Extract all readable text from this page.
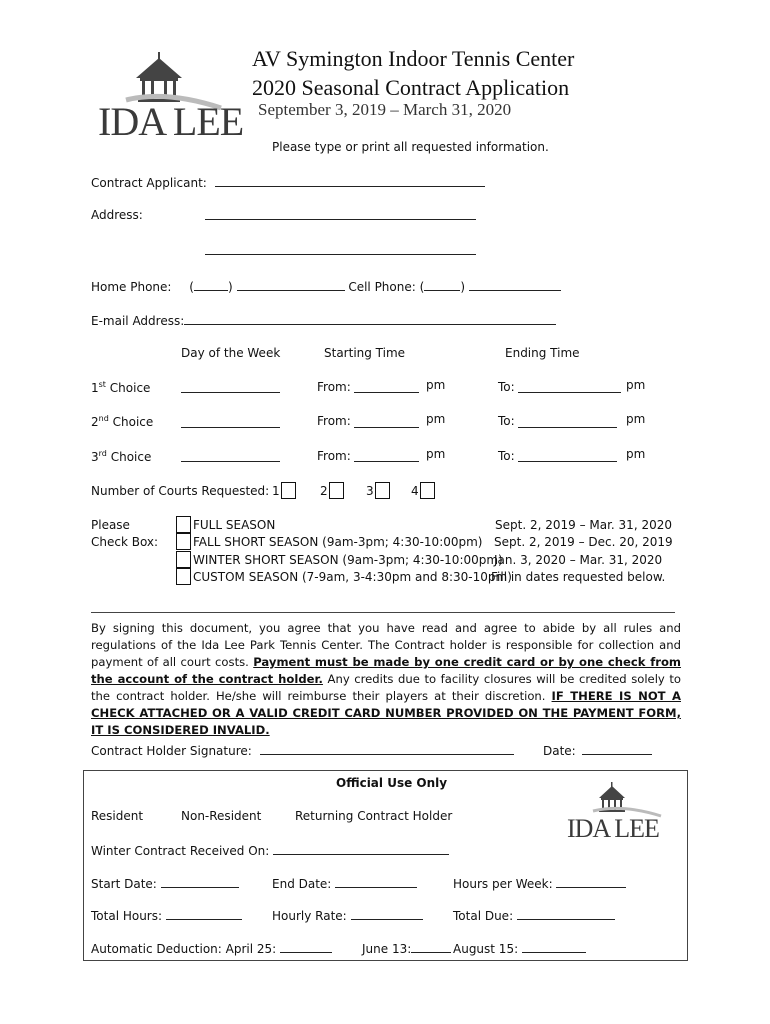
IDA LEE
AV Symington Indoor Tennis Center
2020 Seasonal Contract Application
September 3, 2019 – March 31, 2020
Please type or print all requested information.
Contract Applicant:
Address:
Home Phone: (	)	Cell Phone: (	)
E-mail Address:
Day of the Week	Starting Time	Ending Time
1st Choice	From:	pm	To:	pm
2nd Choice	From:	pm	To:	pm
3rd Choice	From:	pm	To:	pm
Number of Courts Requested: 1	2	3	4
Please
Check Box:
FULL SEASON	Sept. 2, 2019 – Mar. 31, 2020
FALL SHORT SEASON (9am-3pm; 4:30-10:00pm) Sept. 2, 2019 – Dec. 20, 2019
WINTER SHORT SEASON (9am-3pm; 4:30-10:00pm)
Jan. 3, 2020 – Mar. 31, 2020
CUSTOM SEASON (7-9am, 3-4:30pm and 8:30-10pm)
Fill in dates requested below.
By signing this document, you agree that you have read and agree to abide by all rules and regulations of the Ida Lee Park Tennis Center. The Contract holder is responsible for collection and payment of all court costs. Payment must be made by one credit card or by one check from the account of the contract holder. Any credits due to facility closures will be credited solely to the contract holder. He/she will reimburse their players at their discretion. IF THERE IS NOT A CHECK ATTACHED OR A VALID CREDIT CARD NUMBER PROVIDED ON THE PAYMENT FORM, IT IS CONSIDERED INVALID.
Contract Holder Signature:	Date:
Official Use Only
Resident	Non-Resident	Returning Contract Holder	IDA LEE
Winter Contract Received On:
Start Date:	End Date:	Hours per Week:
Total Hours:	Hourly Rate:	Total Due:
Automatic Deduction: April 25:	June 13:	August 15:
